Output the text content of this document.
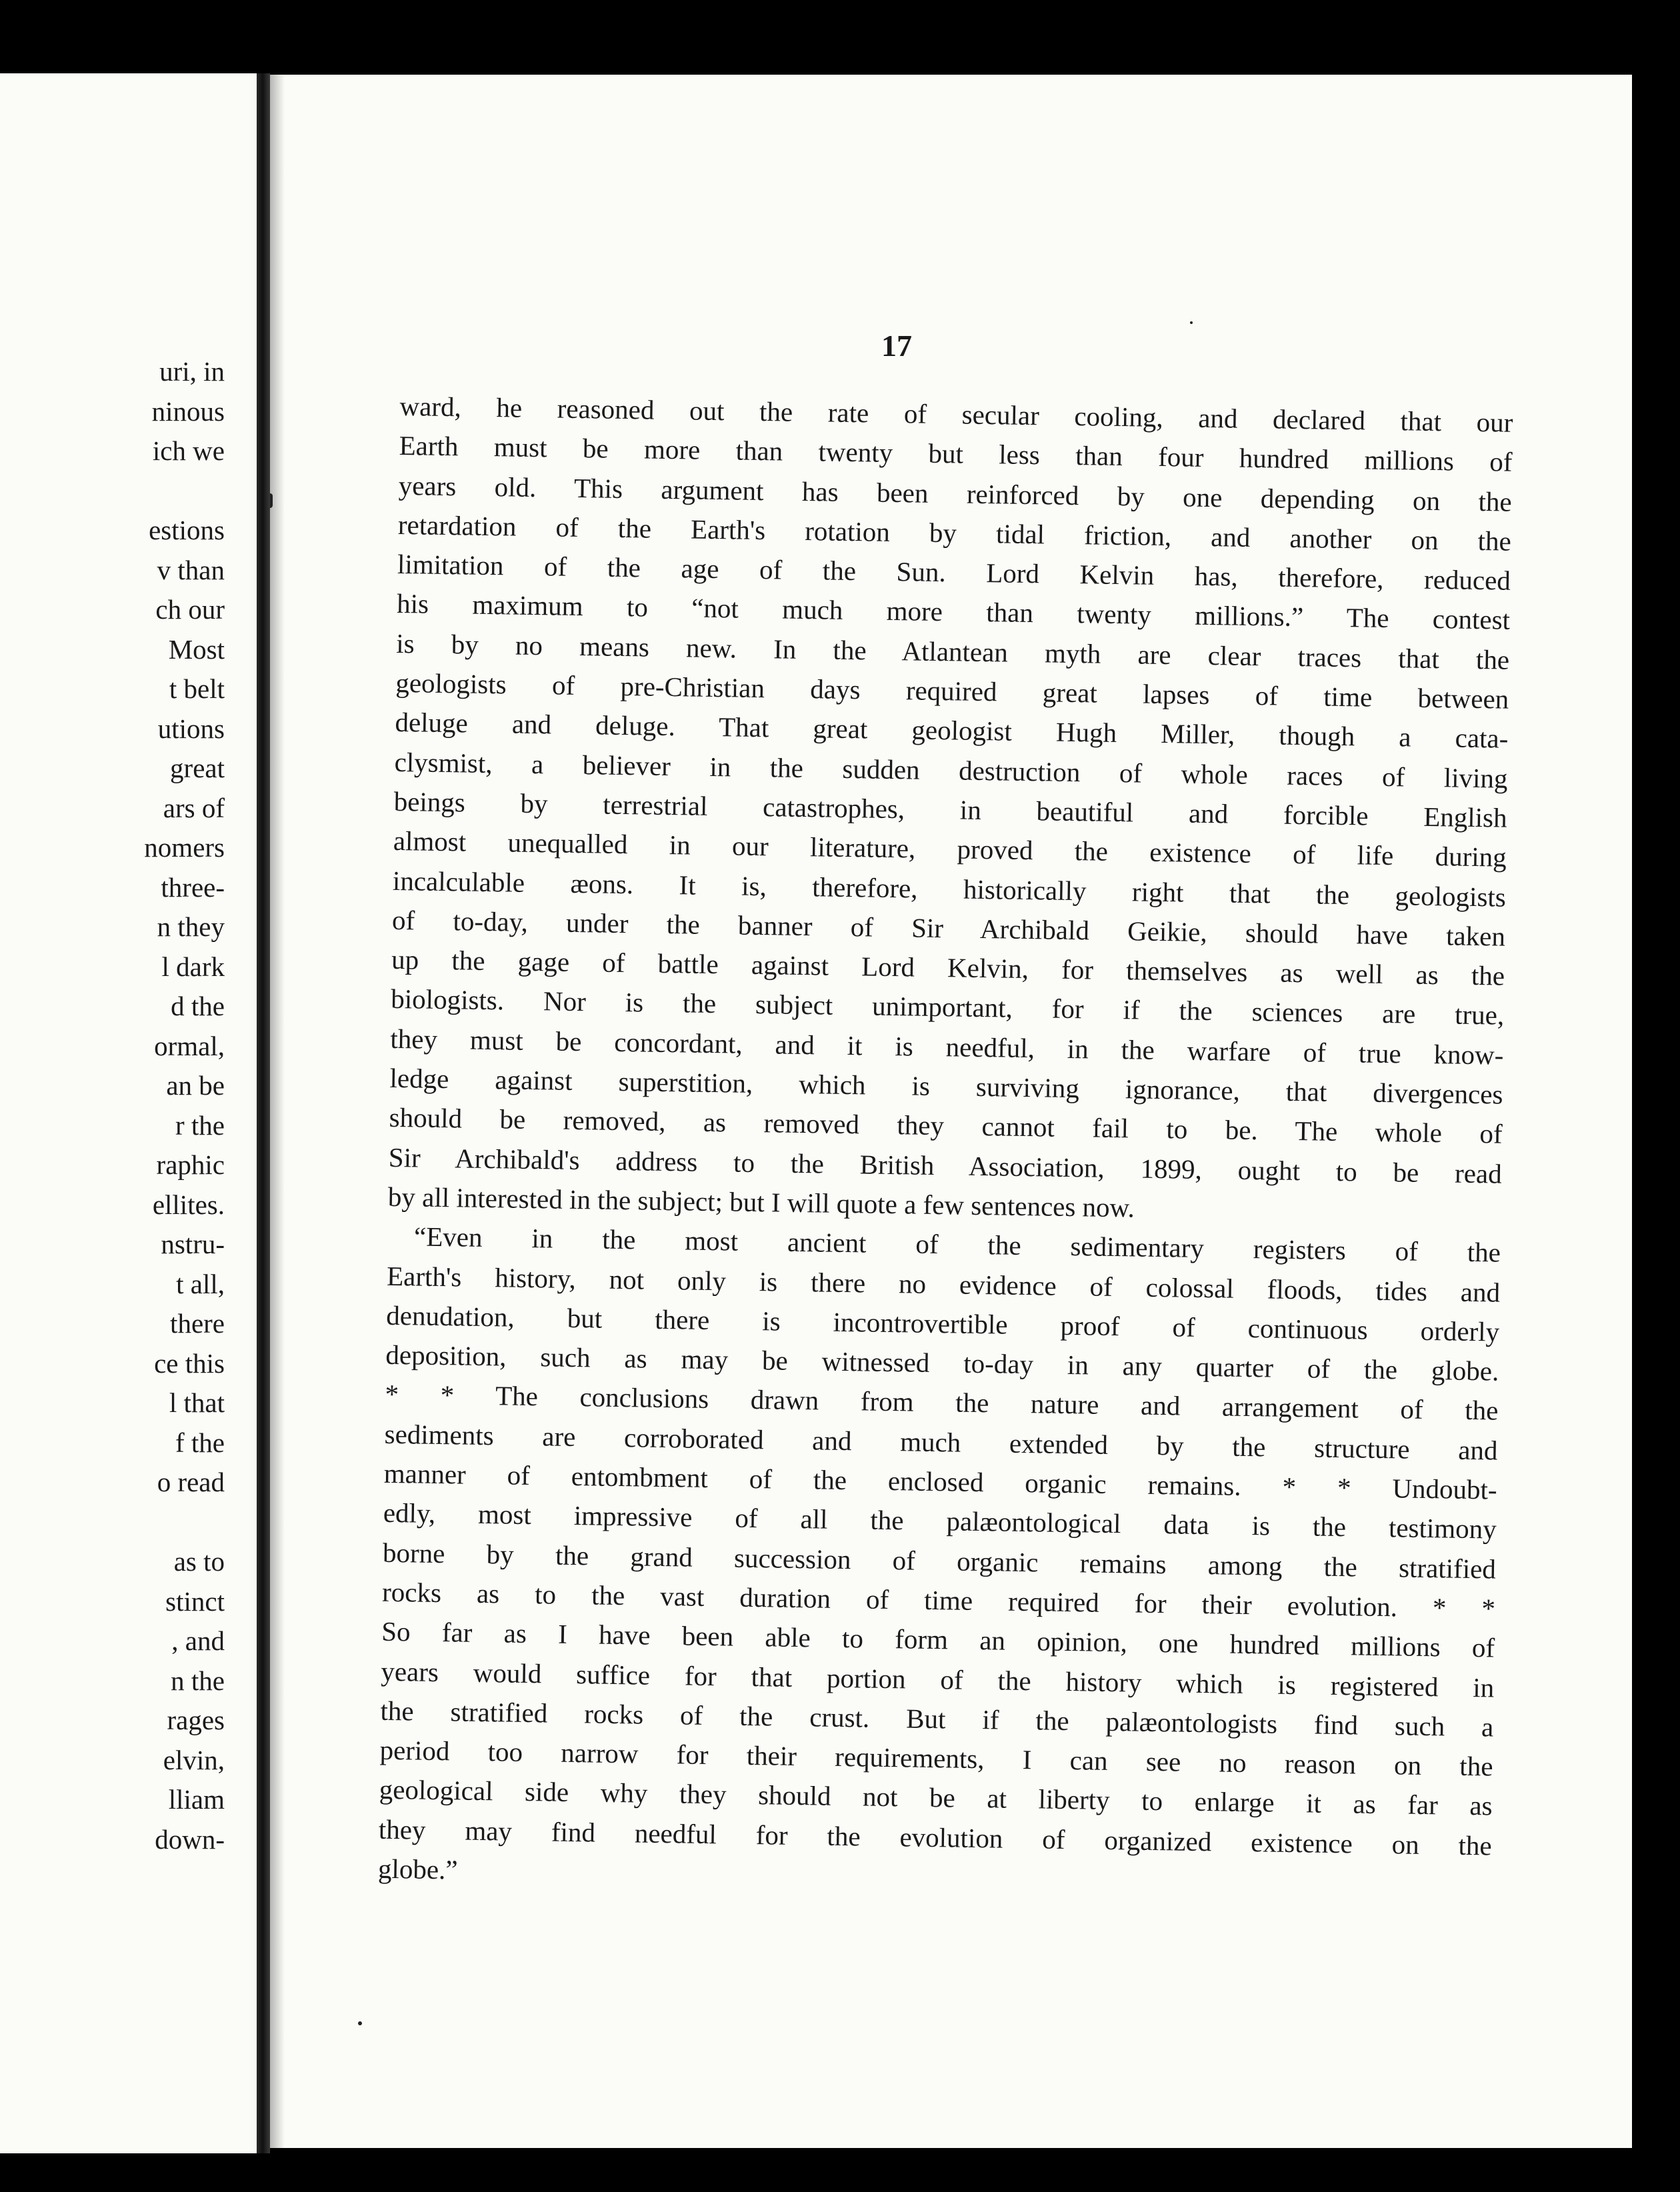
uri, in
ninous
ich we
estions
v than
ch our
Most
t belt
utions
great
ars of
nomers
three-
n they
l dark
d the
ormal,
an be
r the
raphic
ellites.
nstru-
t all,
there
ce this
l that
f the
o read
as to
stinct
, and
n the
rages
elvin,
lliam
down-
17
ward, he reasoned out the rate of secular cooling, and declared that our
Earth must be more than twenty but less than four hundred millions of
years old. This argument has been reinforced by one depending on the
retardation of the Earth's rotation by tidal friction, and another on the
limitation of the age of the Sun. Lord Kelvin has, therefore, reduced
his maximum to “not much more than twenty millions.” The contest
is by no means new. In the Atlantean myth are clear traces that the
geologists of pre-Christian days required great lapses of time between
deluge and deluge. That great geologist Hugh Miller, though a cata-
clysmist, a believer in the sudden destruction of whole races of living
beings by terrestrial catastrophes, in beautiful and forcible English
almost unequalled in our literature, proved the existence of life during
incalculable æons. It is, therefore, historically right that the geologists
of to-day, under the banner of Sir Archibald Geikie, should have taken
up the gage of battle against Lord Kelvin, for themselves as well as the
biologists. Nor is the subject unimportant, for if the sciences are true,
they must be concordant, and it is needful, in the warfare of true know-
ledge against superstition, which is surviving ignorance, that divergences
should be removed, as removed they cannot fail to be. The whole of
Sir Archibald's address to the British Association, 1899, ought to be read
by all interested in the subject; but I will quote a few sentences now.
“Even in the most ancient of the sedimentary registers of the
Earth's history, not only is there no evidence of colossal floods, tides and
denudation, but there is incontrovertible proof of continuous orderly
deposition, such as may be witnessed to-day in any quarter of the globe.
* * The conclusions drawn from the nature and arrangement of the
sediments are corroborated and much extended by the structure and
manner of entombment of the enclosed organic remains. * * Undoubt-
edly, most impressive of all the palæontological data is the testimony
borne by the grand succession of organic remains among the stratified
rocks as to the vast duration of time required for their evolution. * *
So far as I have been able to form an opinion, one hundred millions of
years would suffice for that portion of the history which is registered in
the stratified rocks of the crust. But if the palæontologists find such a
period too narrow for their requirements, I can see no reason on the
geological side why they should not be at liberty to enlarge it as far as
they may find needful for the evolution of organized existence on the
globe.”
